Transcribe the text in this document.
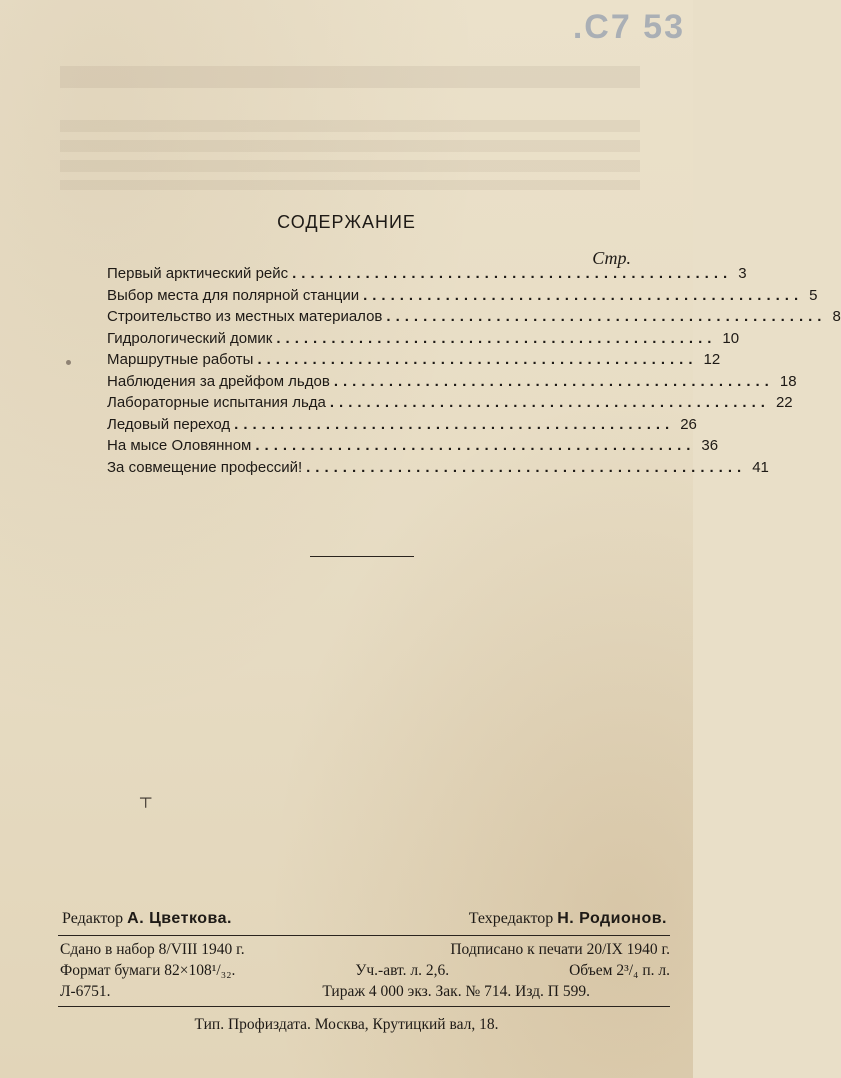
.C7 53
СОДЕРЖАНИЕ
Стр.
Первый арктический рейс ................................................ 3
Выбор места для полярной станции ................................................ 5
Строительство из местных материалов ................................................ 8
Гидрологический домик ................................................ 10
Маршрутные работы ................................................ 12
Наблюдения за дрейфом льдов ................................................ 18
Лабораторные испытания льда ................................................ 22
Ледовый переход ................................................ 26
На мысе Оловянном ................................................ 36
За совмещение профессий! ................................................ 41
┬
Редактор А. Цветкова.	Техредактор Н. Родионов.
Сдано в набор 8/VIII 1940 г.	Подписано к печати 20/IX 1940 г.
Формат бумаги 82×108¹/₃₂.	Уч.-авт. л. 2,6.	Объем 2³/₄ п. л.
Л-6751.	Тираж 4 000 экз. Зак. № 714. Изд. П 599.
Тип. Профиздата. Москва, Крутицкий вал, 18.
